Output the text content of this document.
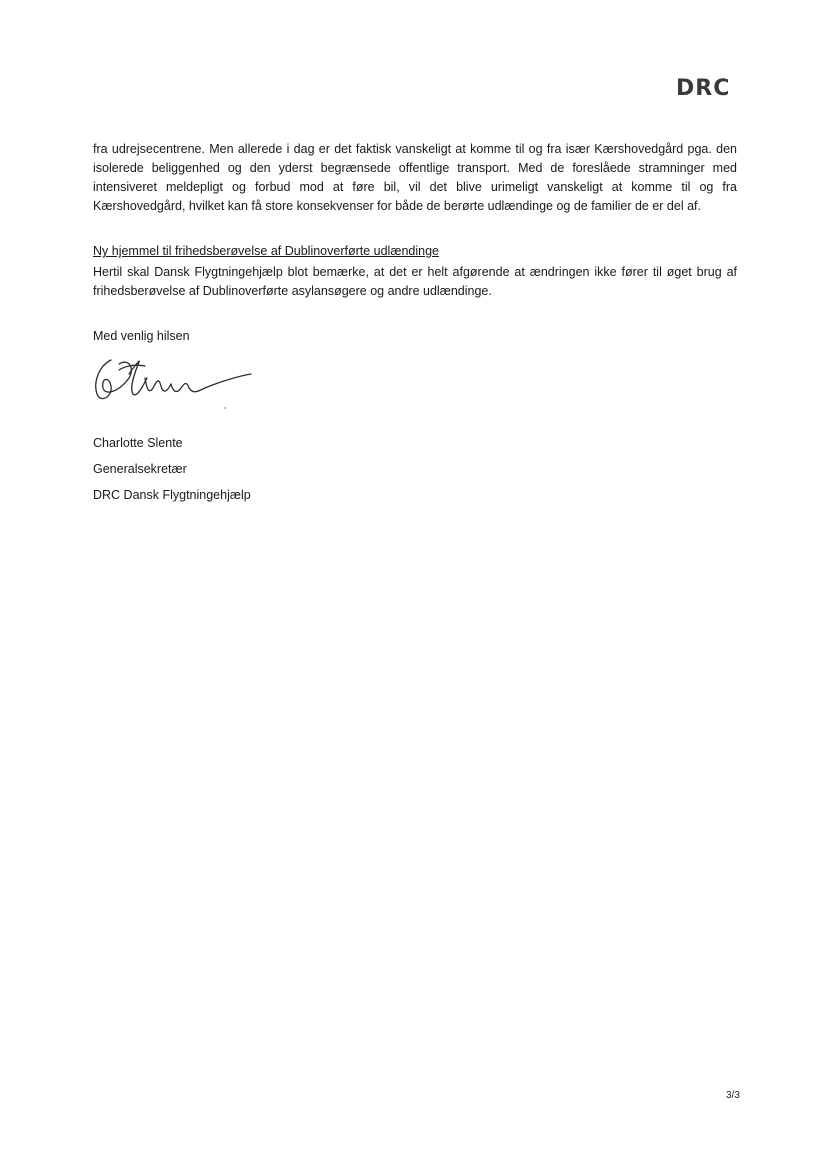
DRC

fra udrejsecentrene. Men allerede i dag er det faktisk vanskeligt at komme til og fra især Kærshovedgård pga. den isolerede beliggenhed og den yderst begrænsede offentlige transport. Med de foreslåede stramninger med intensiveret meldepligt og forbud mod at føre bil, vil det blive urimeligt vanskeligt at komme til og fra Kærshovedgård, hvilket kan få store konsekvenser for både de berørte udlændinge og de familier de er del af.

Ny hjemmel til frihedsberøvelse af Dublinoverførte udlændinge

Hertil skal Dansk Flygtningehjælp blot bemærke, at det er helt afgørende at ændringen ikke fører til øget brug af frihedsberøvelse af Dublinoverførte asylansøgere og andre udlændinge.

Med venlig hilsen

Charlotte Slente

Generalsekretær

DRC Dansk Flygtningehjælp

3/3
